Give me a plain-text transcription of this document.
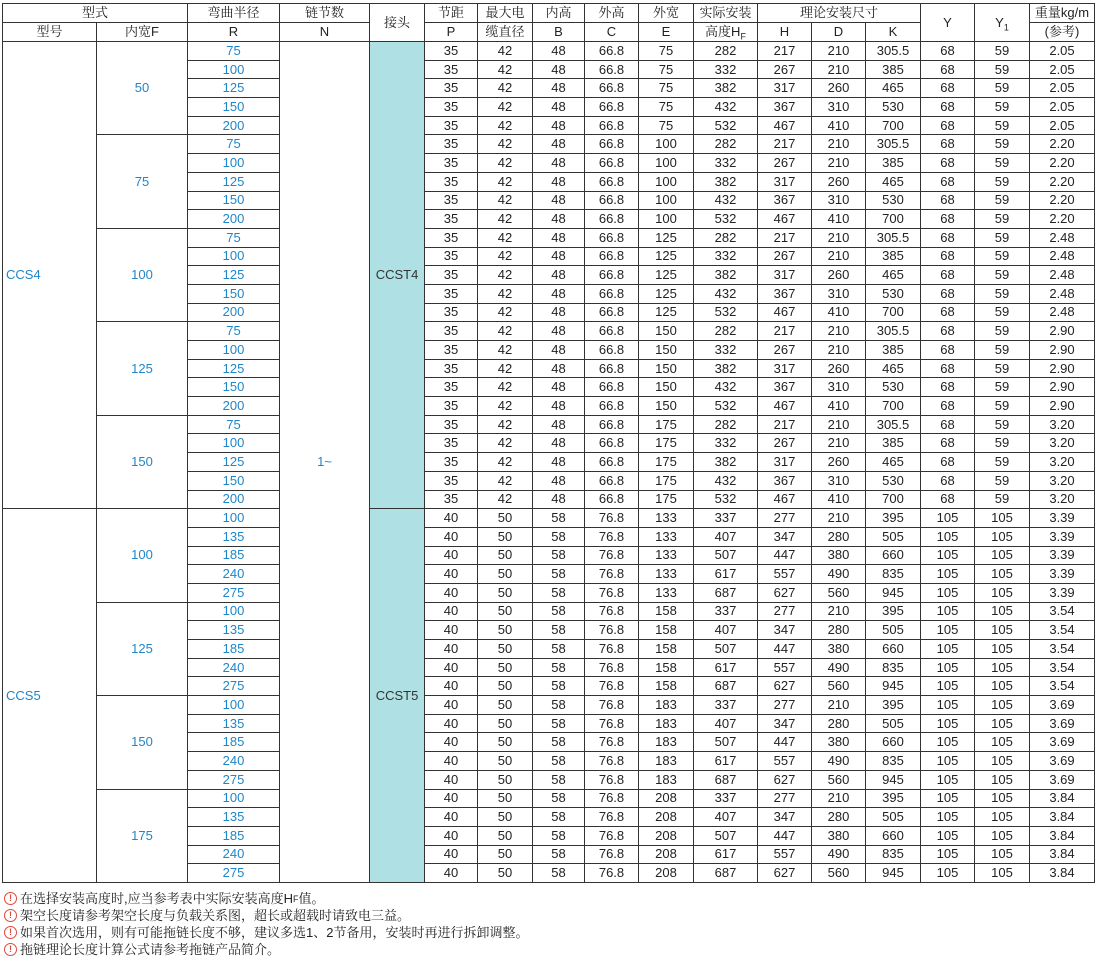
型式		弯曲半径	链节数	接头	节距	最大电	内高	外高	外宽	实际安装	理论安装尺寸			Y	$Y_1$	重量kg/m
型号	内宽F	R	N		P	缆直径	B	C	E	高度$H_F$	H	D	K			(参考)
CCS4	50	75	1~	CCST4	35	42	48	66.8	75	282	217	210	305.5	68	59	2.05
		100			35	42	48	66.8	75	332	267	210	385	68	59	2.05
		125			35	42	48	66.8	75	382	317	260	465	68	59	2.05
		150			35	42	48	66.8	75	432	367	310	530	68	59	2.05
		200			35	42	48	66.8	75	532	467	410	700	68	59	2.05
	75	75			35	42	48	66.8	100	282	217	210	305.5	68	59	2.20
		100			35	42	48	66.8	100	332	267	210	385	68	59	2.20
		125			35	42	48	66.8	100	382	317	260	465	68	59	2.20
		150			35	42	48	66.8	100	432	367	310	530	68	59	2.20
		200			35	42	48	66.8	100	532	467	410	700	68	59	2.20
	100	75			35	42	48	66.8	125	282	217	210	305.5	68	59	2.48
		100			35	42	48	66.8	125	332	267	210	385	68	59	2.48
		125			35	42	48	66.8	125	382	317	260	465	68	59	2.48
		150			35	42	48	66.8	125	432	367	310	530	68	59	2.48
		200			35	42	48	66.8	125	532	467	410	700	68	59	2.48
	125	75			35	42	48	66.8	150	282	217	210	305.5	68	59	2.90
		100			35	42	48	66.8	150	332	267	210	385	68	59	2.90
		125			35	42	48	66.8	150	382	317	260	465	68	59	2.90
		150			35	42	48	66.8	150	432	367	310	530	68	59	2.90
		200			35	42	48	66.8	150	532	467	410	700	68	59	2.90
	150	75			35	42	48	66.8	175	282	217	210	305.5	68	59	3.20
		100			35	42	48	66.8	175	332	267	210	385	68	59	3.20
		125			35	42	48	66.8	175	382	317	260	465	68	59	3.20
		150			35	42	48	66.8	175	432	367	310	530	68	59	3.20
		200			35	42	48	66.8	175	532	467	410	700	68	59	3.20
CCS5	100	100		CCST5	40	50	58	76.8	133	337	277	210	395	105	105	3.39
		135			40	50	58	76.8	133	407	347	280	505	105	105	3.39
		185			40	50	58	76.8	133	507	447	380	660	105	105	3.39
		240			40	50	58	76.8	133	617	557	490	835	105	105	3.39
		275			40	50	58	76.8	133	687	627	560	945	105	105	3.39
	125	100			40	50	58	76.8	158	337	277	210	395	105	105	3.54
		135			40	50	58	76.8	158	407	347	280	505	105	105	3.54
		185			40	50	58	76.8	158	507	447	380	660	105	105	3.54
		240			40	50	58	76.8	158	617	557	490	835	105	105	3.54
		275			40	50	58	76.8	158	687	627	560	945	105	105	3.54
	150	100			40	50	58	76.8	183	337	277	210	395	105	105	3.69
		135			40	50	58	76.8	183	407	347	280	505	105	105	3.69
		185			40	50	58	76.8	183	507	447	380	660	105	105	3.69
		240			40	50	58	76.8	183	617	557	490	835	105	105	3.69
		275			40	50	58	76.8	183	687	627	560	945	105	105	3.69
	175	100			40	50	58	76.8	208	337	277	210	395	105	105	3.84
		135			40	50	58	76.8	208	407	347	280	505	105	105	3.84
		185			40	50	58	76.8	208	507	447	380	660	105	105	3.84
		240			40	50	58	76.8	208	617	557	490	835	105	105	3.84
		275			40	50	58	76.8	208	687	627	560	945	105	105	3.84
! 在选择安装高度时,应当参考表中实际安装高度H F 值。
! 架空长度请参考架空长度与负载关系图，超长或超载时请致电三益。
! 如果首次选用，则有可能拖链长度不够，建议多选1、2节备用，安装时再进行拆卸调整。
! 拖链理论长度计算公式请参考拖链产品简介。
